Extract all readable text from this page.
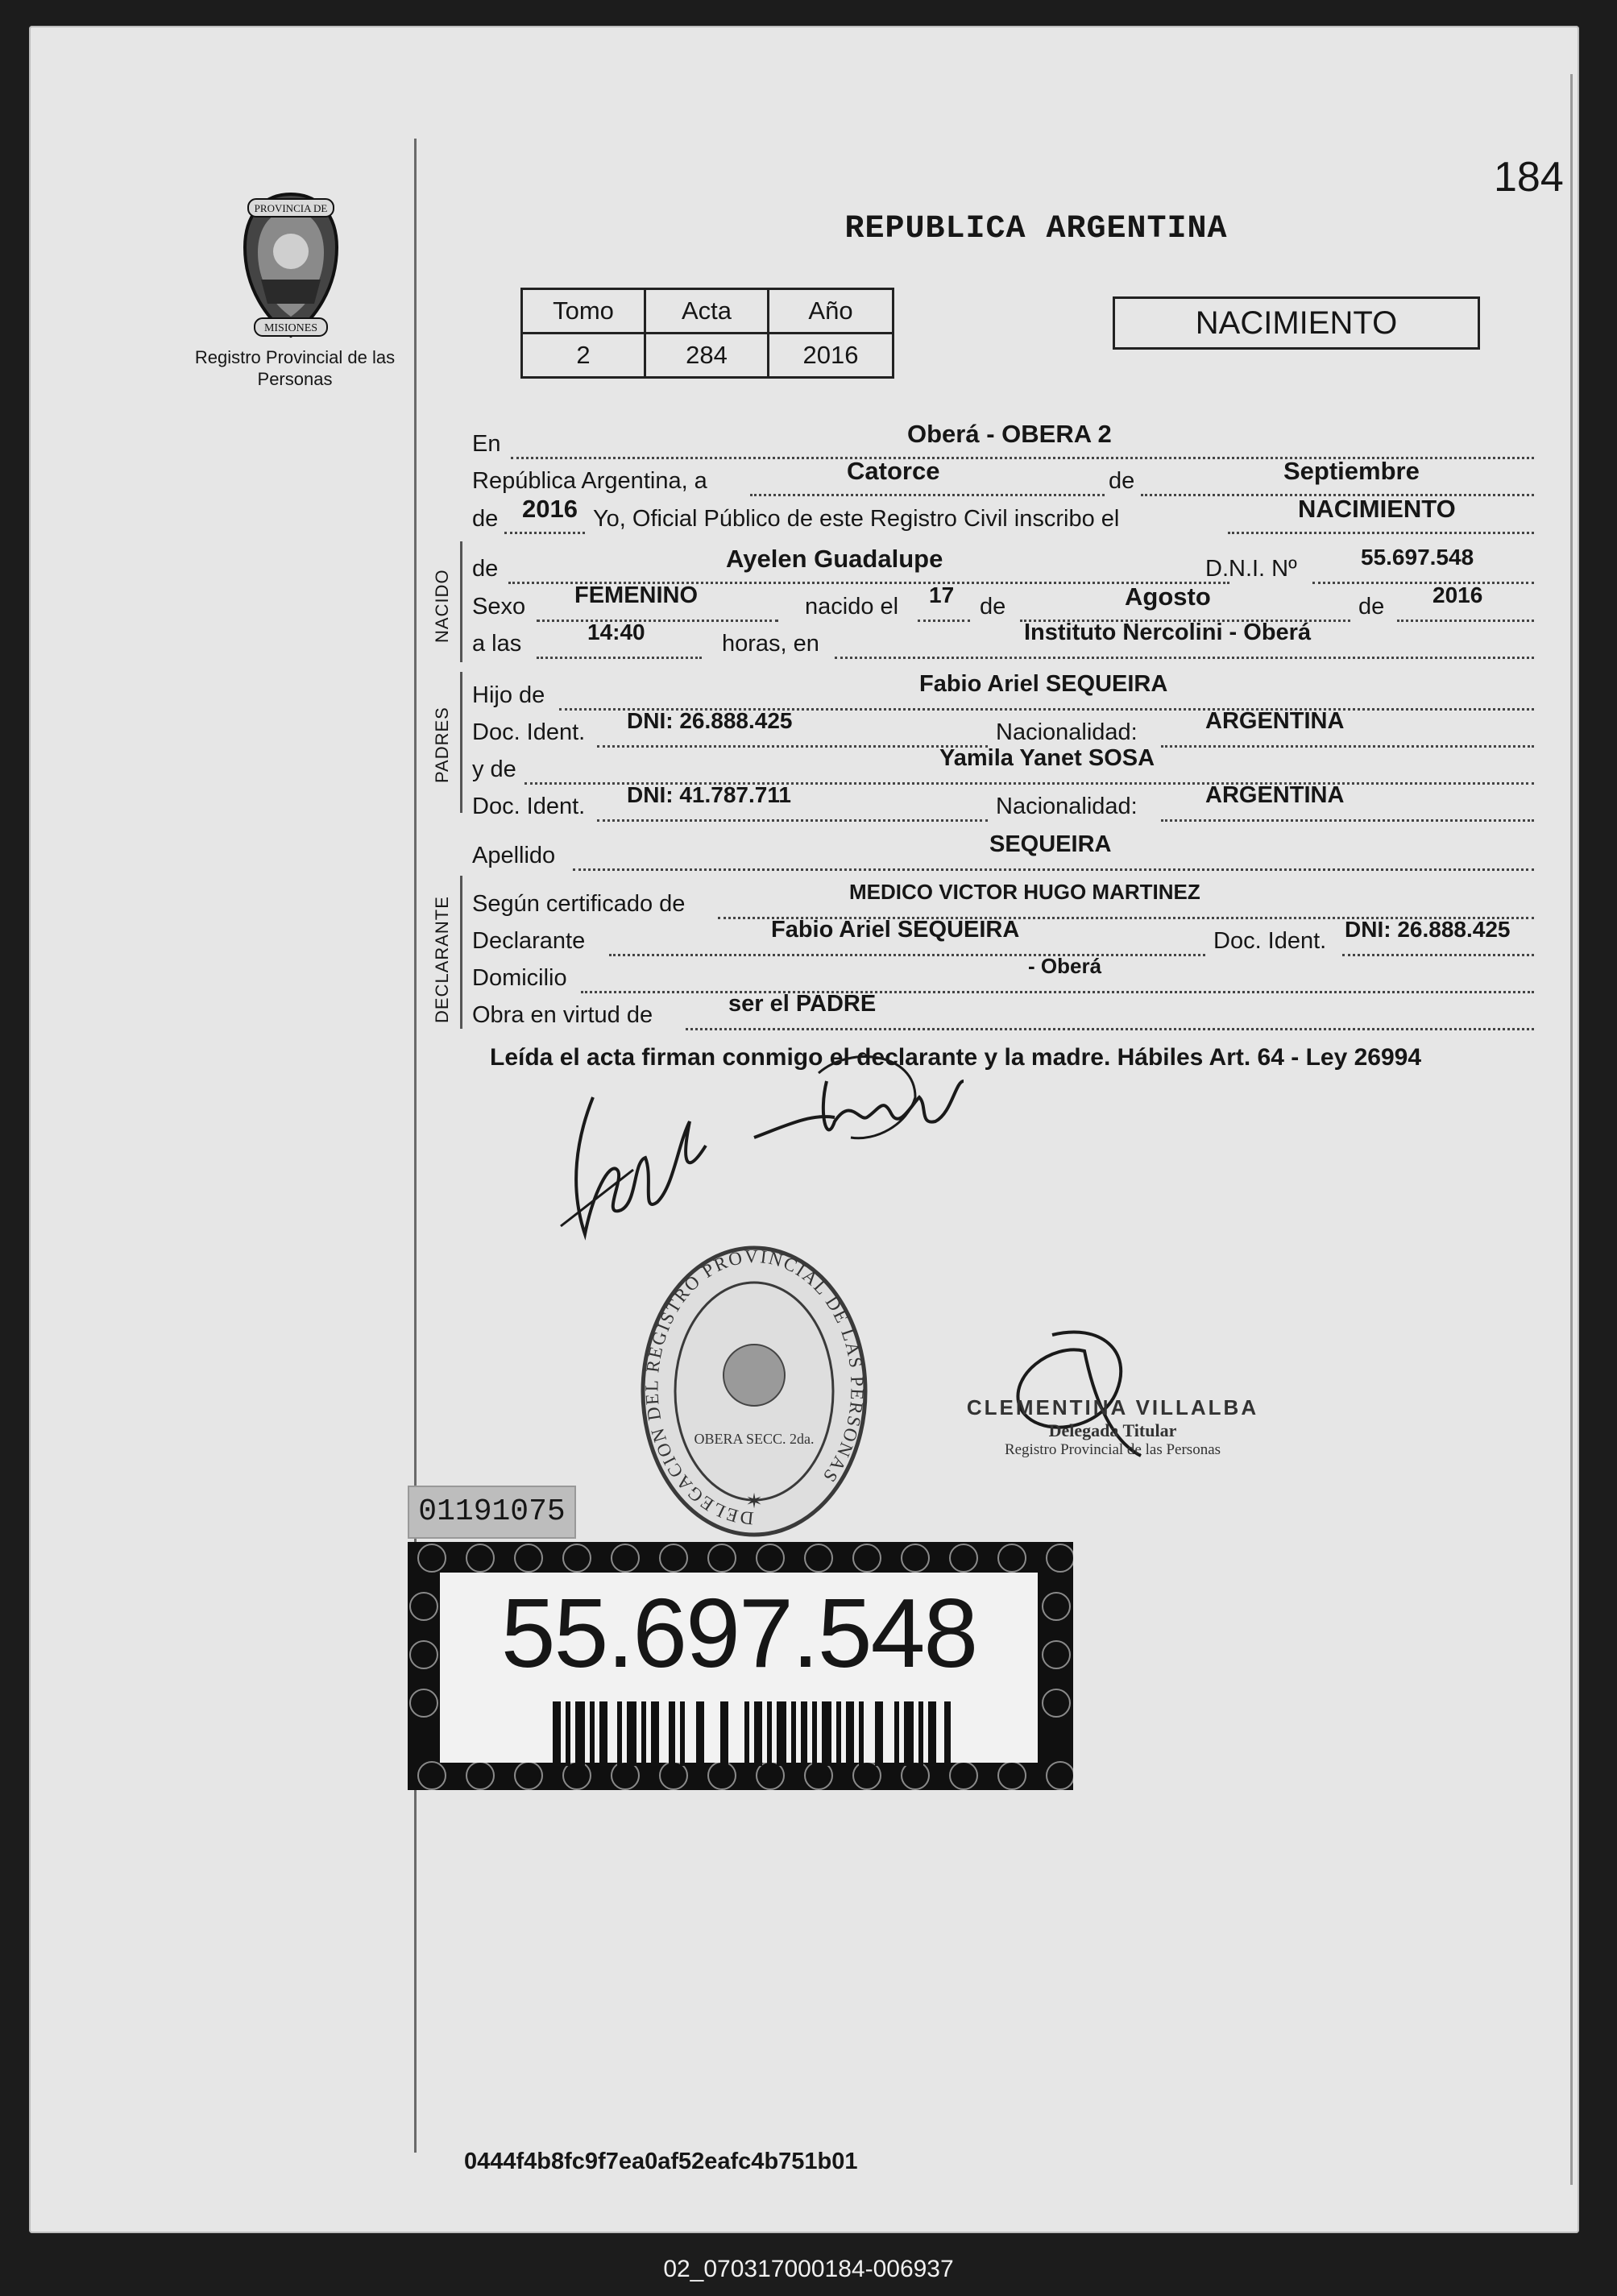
PROVINCIA DE
MISIONES
Registro Provincial de las Personas
184
REPUBLICA ARGENTINA
Tomo	Acta	Año
2	284	2016
NACIMIENTO
En	Oberá - OBERA 2
República Argentina, a	Catorce	de	Septiembre
de 2016 Yo, Oficial Público de este Registro Civil inscribo el	NACIMIENTO
NACIDO
de	Ayelen Guadalupe	D.N.I. Nº	55.697.548
Sexo FEMENINO	nacido el 17 de	Agosto	de 2016
a las	14:40	horas, en	Instituto Nercolini - Oberá
PADRES
Hijo de	Fabio Ariel SEQUEIRA
Doc. Ident. DNI: 26.888.425	Nacionalidad:	ARGENTINA
y de	Yamila Yanet SOSA
Doc. Ident. DNI: 41.787.711	Nacionalidad:	ARGENTINA
Apellido	SEQUEIRA
DECLARANTE Según certificado de	MEDICO VICTOR HUGO MARTINEZ
Declarante	Fabio Ariel SEQUEIRA	Doc. Ident. DNI: 26.888.425
Domicilio	- Oberá
Obra en virtud de	ser el PADRE
Leída el acta firman conmigo el declarante y la madre. Hábiles Art. 64 - Ley 26994
DELEGACION DEL REGISTRO PROVINCIAL DE LAS PERSONAS
OBERA SECC. 2da.
✶
CLEMENTINA VILLALBA
Delegada Titular
Registro Provincial de las Personas
01191075
55.697.548
0444f4b8fc9f7ea0af52eafc4b751b01
02_070317000184-006937
